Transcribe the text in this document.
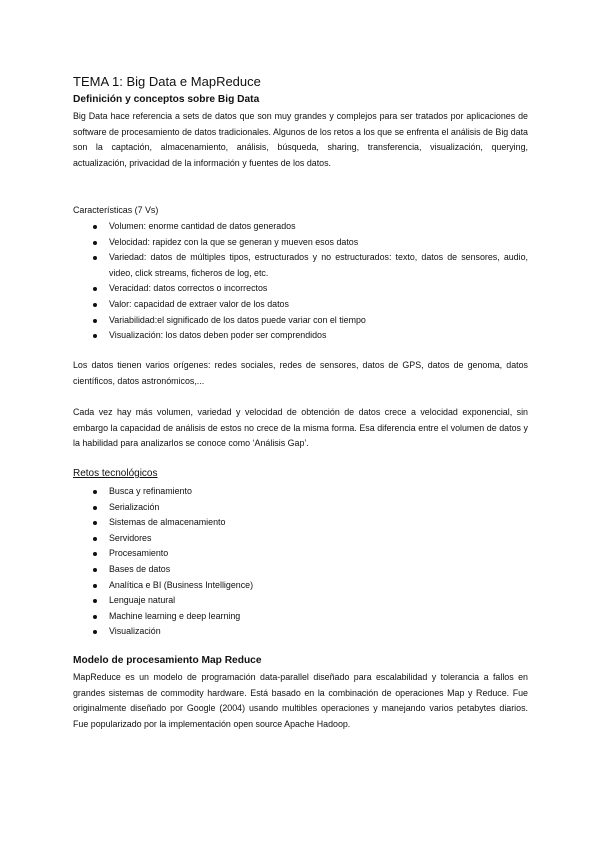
TEMA 1: Big Data e MapReduce
Definición y conceptos sobre Big Data
Big Data hace referencia a sets de datos que son muy grandes y complejos para ser tratados por aplicaciones de software de procesamiento de datos tradicionales. Algunos de los retos a los que se enfrenta el análisis de Big data son la captación, almacenamiento, análisis, búsqueda, sharing, transferencia, visualización, querying, actualización, privacidad de la información y fuentes de los datos.
Características (7 Vs)
Volumen: enorme cantidad de datos generados
Velocidad: rapidez con la que se generan y mueven esos datos
Variedad: datos de múltiples tipos, estructurados y no estructurados: texto, datos de sensores, audio, video, click streams, ficheros de log, etc.
Veracidad: datos correctos o incorrectos
Valor: capacidad de extraer valor de los datos
Variabilidad:el significado de los datos puede variar con el tiempo
Visualización: los datos deben poder ser comprendidos
Los datos tienen varios orígenes: redes sociales, redes de sensores, datos de GPS, datos de genoma, datos científicos, datos astronómicos,...
Cada vez hay más volumen, variedad y velocidad de obtención de datos crece a velocidad exponencial, sin embargo la capacidad de análisis de estos no crece de la misma forma. Esa diferencia entre el volumen de datos y la habilidad para analizarlos se conoce como ‘Análisis Gap’.
Retos tecnológicos
Busca y refinamiento
Serialización
Sistemas de almacenamiento
Servidores
Procesamiento
Bases de datos
Analítica e BI (Business Intelligence)
Lenguaje natural
Machine learning e deep learning
Visualización
Modelo de procesamiento Map Reduce
MapReduce es un modelo de programación data-parallel diseñado para escalabilidad y tolerancia a fallos en grandes sistemas de commodity hardware. Está basado en la combinación de operaciones Map y Reduce. Fue originalmente diseñado por Google (2004) usando multibles operaciones y manejando varios petabytes diarios. Fue popularizado por la implementación open source Apache Hadoop.
